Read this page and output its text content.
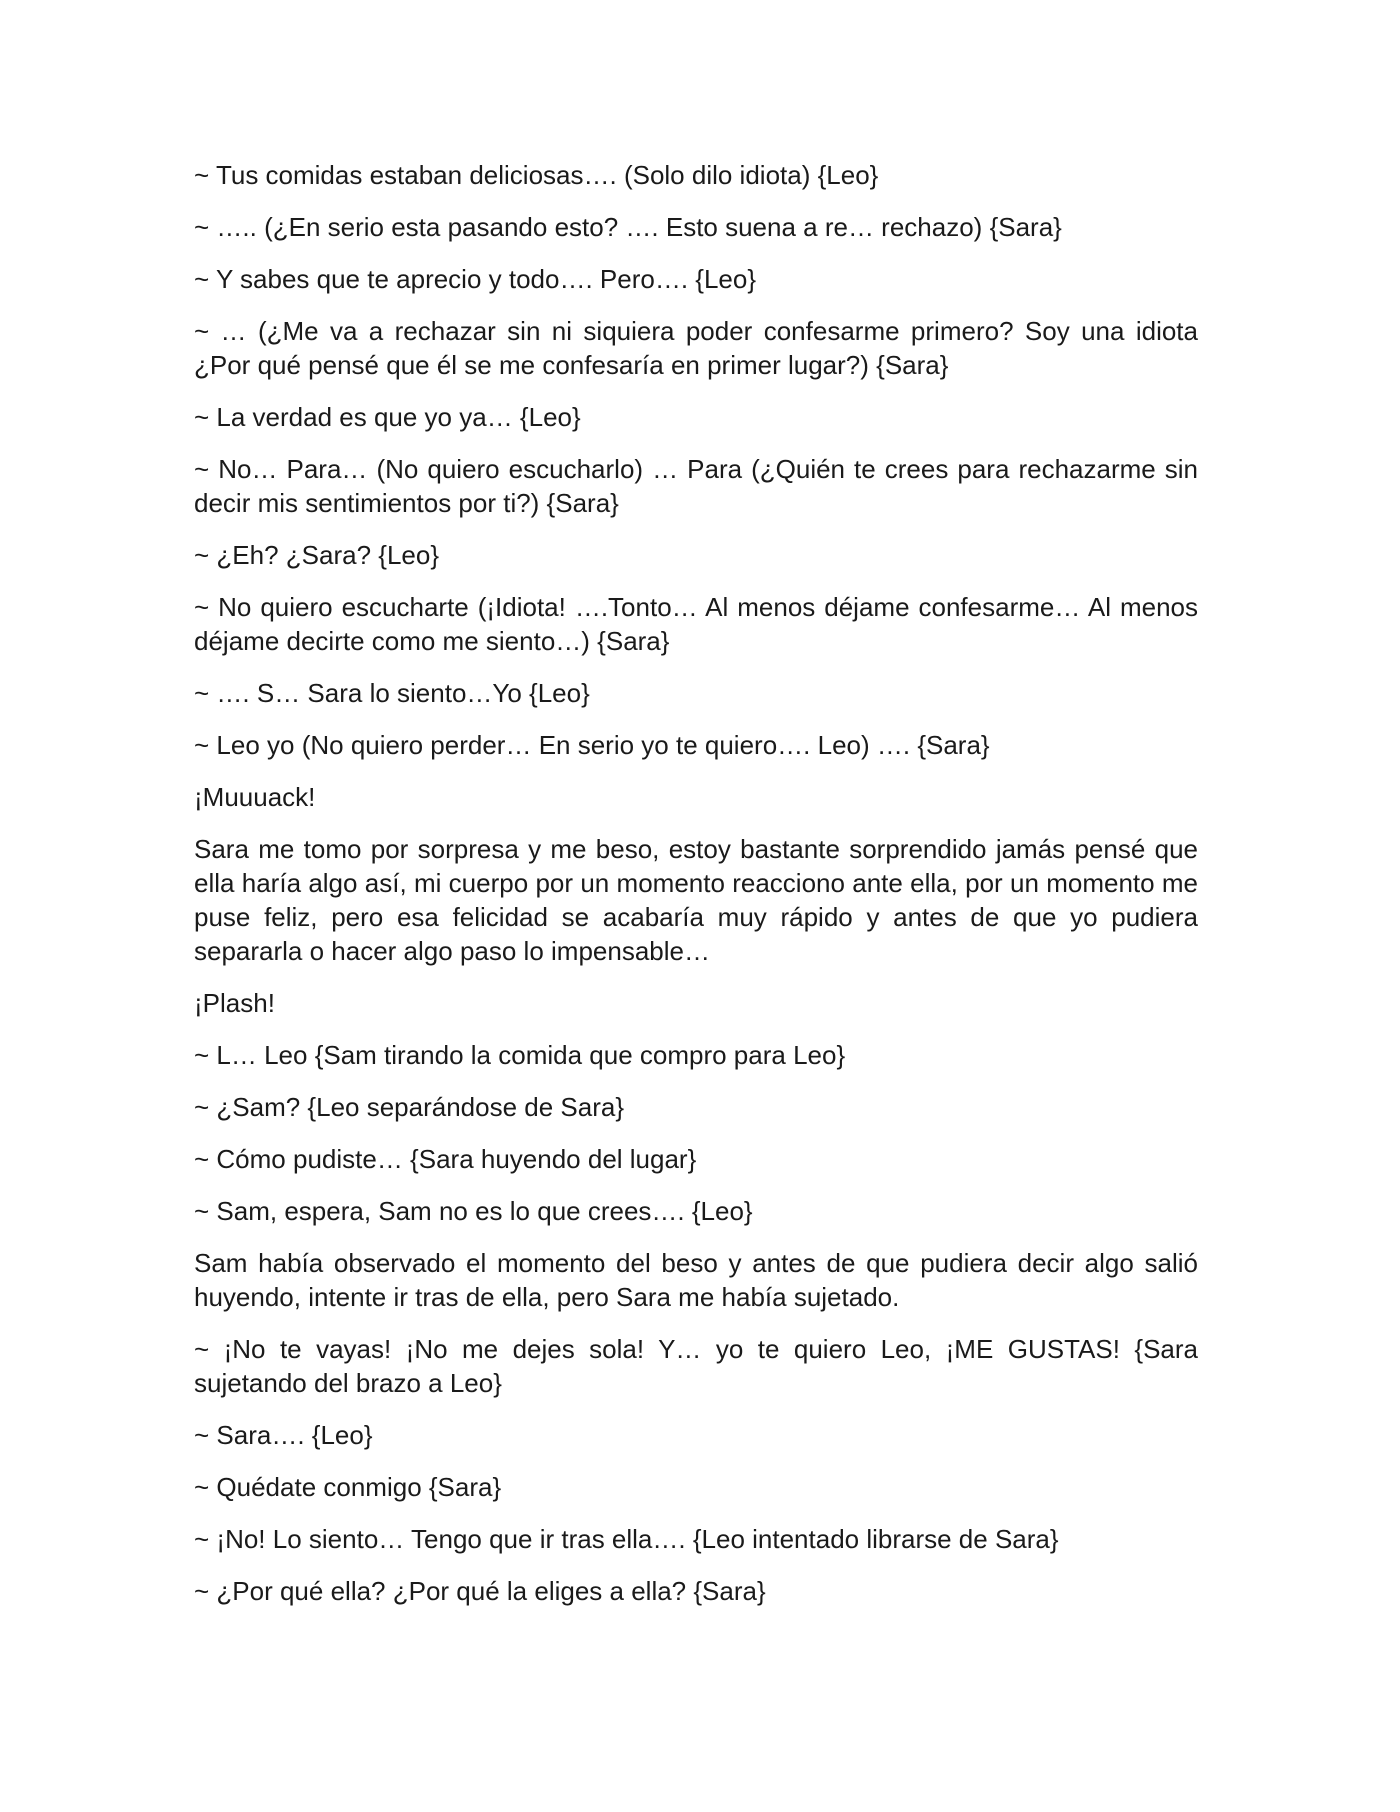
~ Tus comidas estaban deliciosas…. (Solo dilo idiota) {Leo}

~ ….. (¿En serio esta pasando esto? …. Esto suena a re… rechazo) {Sara}

~ Y sabes que te aprecio y todo…. Pero…. {Leo}

~ … (¿Me va a rechazar sin ni siquiera poder confesarme primero? Soy una idiota ¿Por qué pensé que él se me confesaría en primer lugar?) {Sara}

~ La verdad es que yo ya… {Leo}

~ No… Para… (No quiero escucharlo) … Para (¿Quién te crees para rechazarme sin decir mis sentimientos por ti?) {Sara}

~ ¿Eh? ¿Sara? {Leo}

~ No quiero escucharte (¡Idiota! ….Tonto… Al menos déjame confesarme… Al menos déjame decirte como me siento…) {Sara}

~ …. S… Sara lo siento…Yo {Leo}

~ Leo yo (No quiero perder… En serio yo te quiero…. Leo) …. {Sara}

¡Muuuack!

Sara me tomo por sorpresa y me beso, estoy bastante sorprendido jamás pensé que ella haría algo así, mi cuerpo por un momento reacciono ante ella, por un momento me puse feliz, pero esa felicidad se acabaría muy rápido y antes de que yo pudiera separarla o hacer algo paso lo impensable…

¡Plash!

~ L… Leo {Sam tirando la comida que compro para Leo}

~ ¿Sam? {Leo separándose de Sara}

~ Cómo pudiste… {Sara huyendo del lugar}

~ Sam, espera, Sam no es lo que crees…. {Leo}

Sam había observado el momento del beso y antes de que pudiera decir algo salió huyendo, intente ir tras de ella, pero Sara me había sujetado.

~ ¡No te vayas! ¡No me dejes sola! Y… yo te quiero Leo, ¡ME GUSTAS! {Sara sujetando del brazo a Leo}

~ Sara…. {Leo}

~ Quédate conmigo {Sara}

~ ¡No! Lo siento… Tengo que ir tras ella…. {Leo intentado librarse de Sara}

~ ¿Por qué ella? ¿Por qué la eliges a ella? {Sara}
